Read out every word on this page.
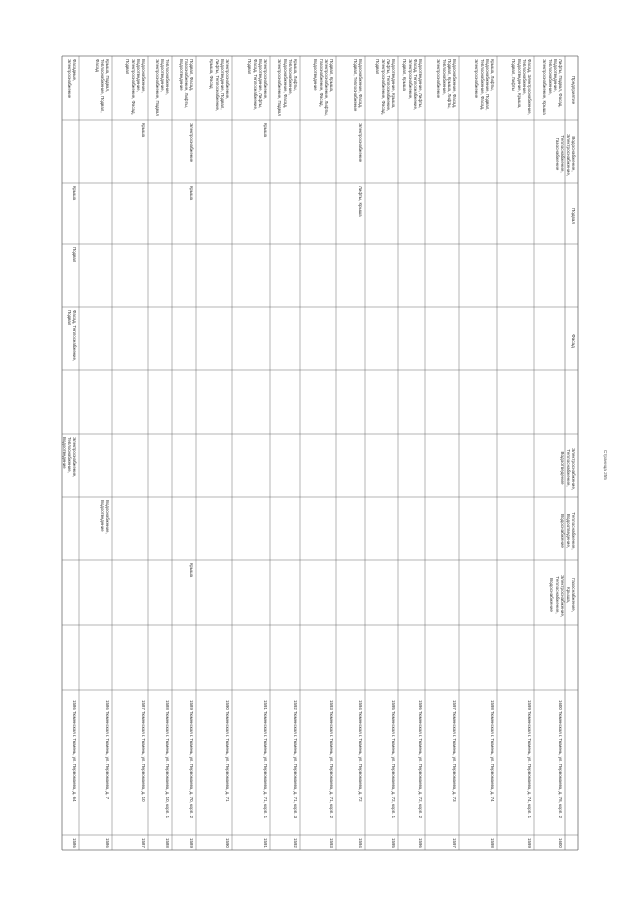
Предприятие
Водоснабжение, Электроснабжение, Теплоснабжение, Газоснабжение
Подвал
Фасад
Электроснабжение, Теплоснабжение, Водоотведение
Теплоснабжение, Водоотведение, Водоснабжение
Газоснабжение, Крыша, Электроснабжение, Теплоснабжение, Водоснабжение
1586 Тюменская г. Тюмень, ул. Первомаева, д. 64
1586
Фасадные, Электроснабжение
Крыша
Подвал
Фасад, Теплоснабжение, Подвал
Электроснабжение, Теплоснабжение, Водоотведение
1586 Тюменская г. Тюмень, ул. Первомаева, д. 7
1586
Крыша, Подвал, Теплоснабжение, Подвал, Фасад
Водоснабжение, Водоотведение
1587 Тюменская г. Тюмень, ул. Первомаева, д. 10
1587
Водоснабжение, Водоотведение, Электроснабжение, Фасад, Подвал
Крыша
1588 Тюменская г. Тюмень, ул. Первомаева, д. 10, корп. 1
1588
Теплоснабжение, Водоотведение, Электроснабжение, Подвал
1589 Тюменская г. Тюмень, ул. Первомаева, д. 70, корп. 2
1589
Подвал, Фасад, Газоснабжение, Лифты, Водоотведение
Электроснабжение
Крыша
Крыша
1590 Тюменская г. Тюмень, ул. Первомаева, д. 71
1590
Электроснабжение, Водоотведение, Подвал, Лифты, Теплоснабжение, Крыша, Фасад
1591 Тюменская г. Тюмень, ул. Первомаева, д. 71, корп. 1
1591
Электроснабжение, Водоотведение, Лифты, Фасад, Теплоснабжение, Подвал
Крыша
1592 Тюменская г. Тюмень, ул. Первомаева, д. 71, корп. 3
1592
Крыша, Лифты, Теплоснабжение, Водоснабжение, Фасад, Электроснабжение, Подвал
1593 Тюменская г. Тюмень, ул. Первомаева, д. 71, корп. 2
1593
Подвал, Крыша, Электроснабжение, Лифты, Газоснабжение, Фасад, Водоотведение
1594 Тюменская г. Тюмень, ул. Первомаева, д. 72
1594
Водоснабжение, Фасад, Подвал, Теплоснабжение
Электроснабжение
Лифты, Крыша
1595 Тюменская г. Тюмень, ул. Первомаева, д. 72, корп. 1
1595
Водоотведение, Крыша, Лифты, Теплоснабжение, Электроснабжение, Фасад, Подвал
1596 Тюменская г. Тюмень, ул. Первомаева, д. 72, корп. 2
1596
Водоотведение, Лифты, Фасад, Теплоснабжение, Электроснабжение, Подвал, Крыша
1597 Тюменская г. Тюмень, ул. Первомаева, д. 73
1597
Водоснабжение, Фасад, Подвал, Крыша, Лифты, Теплоснабжение, Электроснабжение
1598 Тюменская г. Тюмень, ул. Первомаева, д. 74
1598
Крыша, Лифты, Водоснабжение, Подвал, Теплоснабжение, Фасад, Электроснабжение
1599 Тюменская г. Тюмень, ул. Первомаева, д. 74, корп. 1
1599
Фасад, Электроснабжение, Теплоснабжение, Водоотведение, Крыша, Подвал, Лифты
1600 Тюменская г. Тюмень, ул. Первомаева, д. 78, корп. 2
1600
Лифты, Подвал, Фасад, Водоотведение, Теплоснабжение, Электроснабжение, Крыша
Страница 255
